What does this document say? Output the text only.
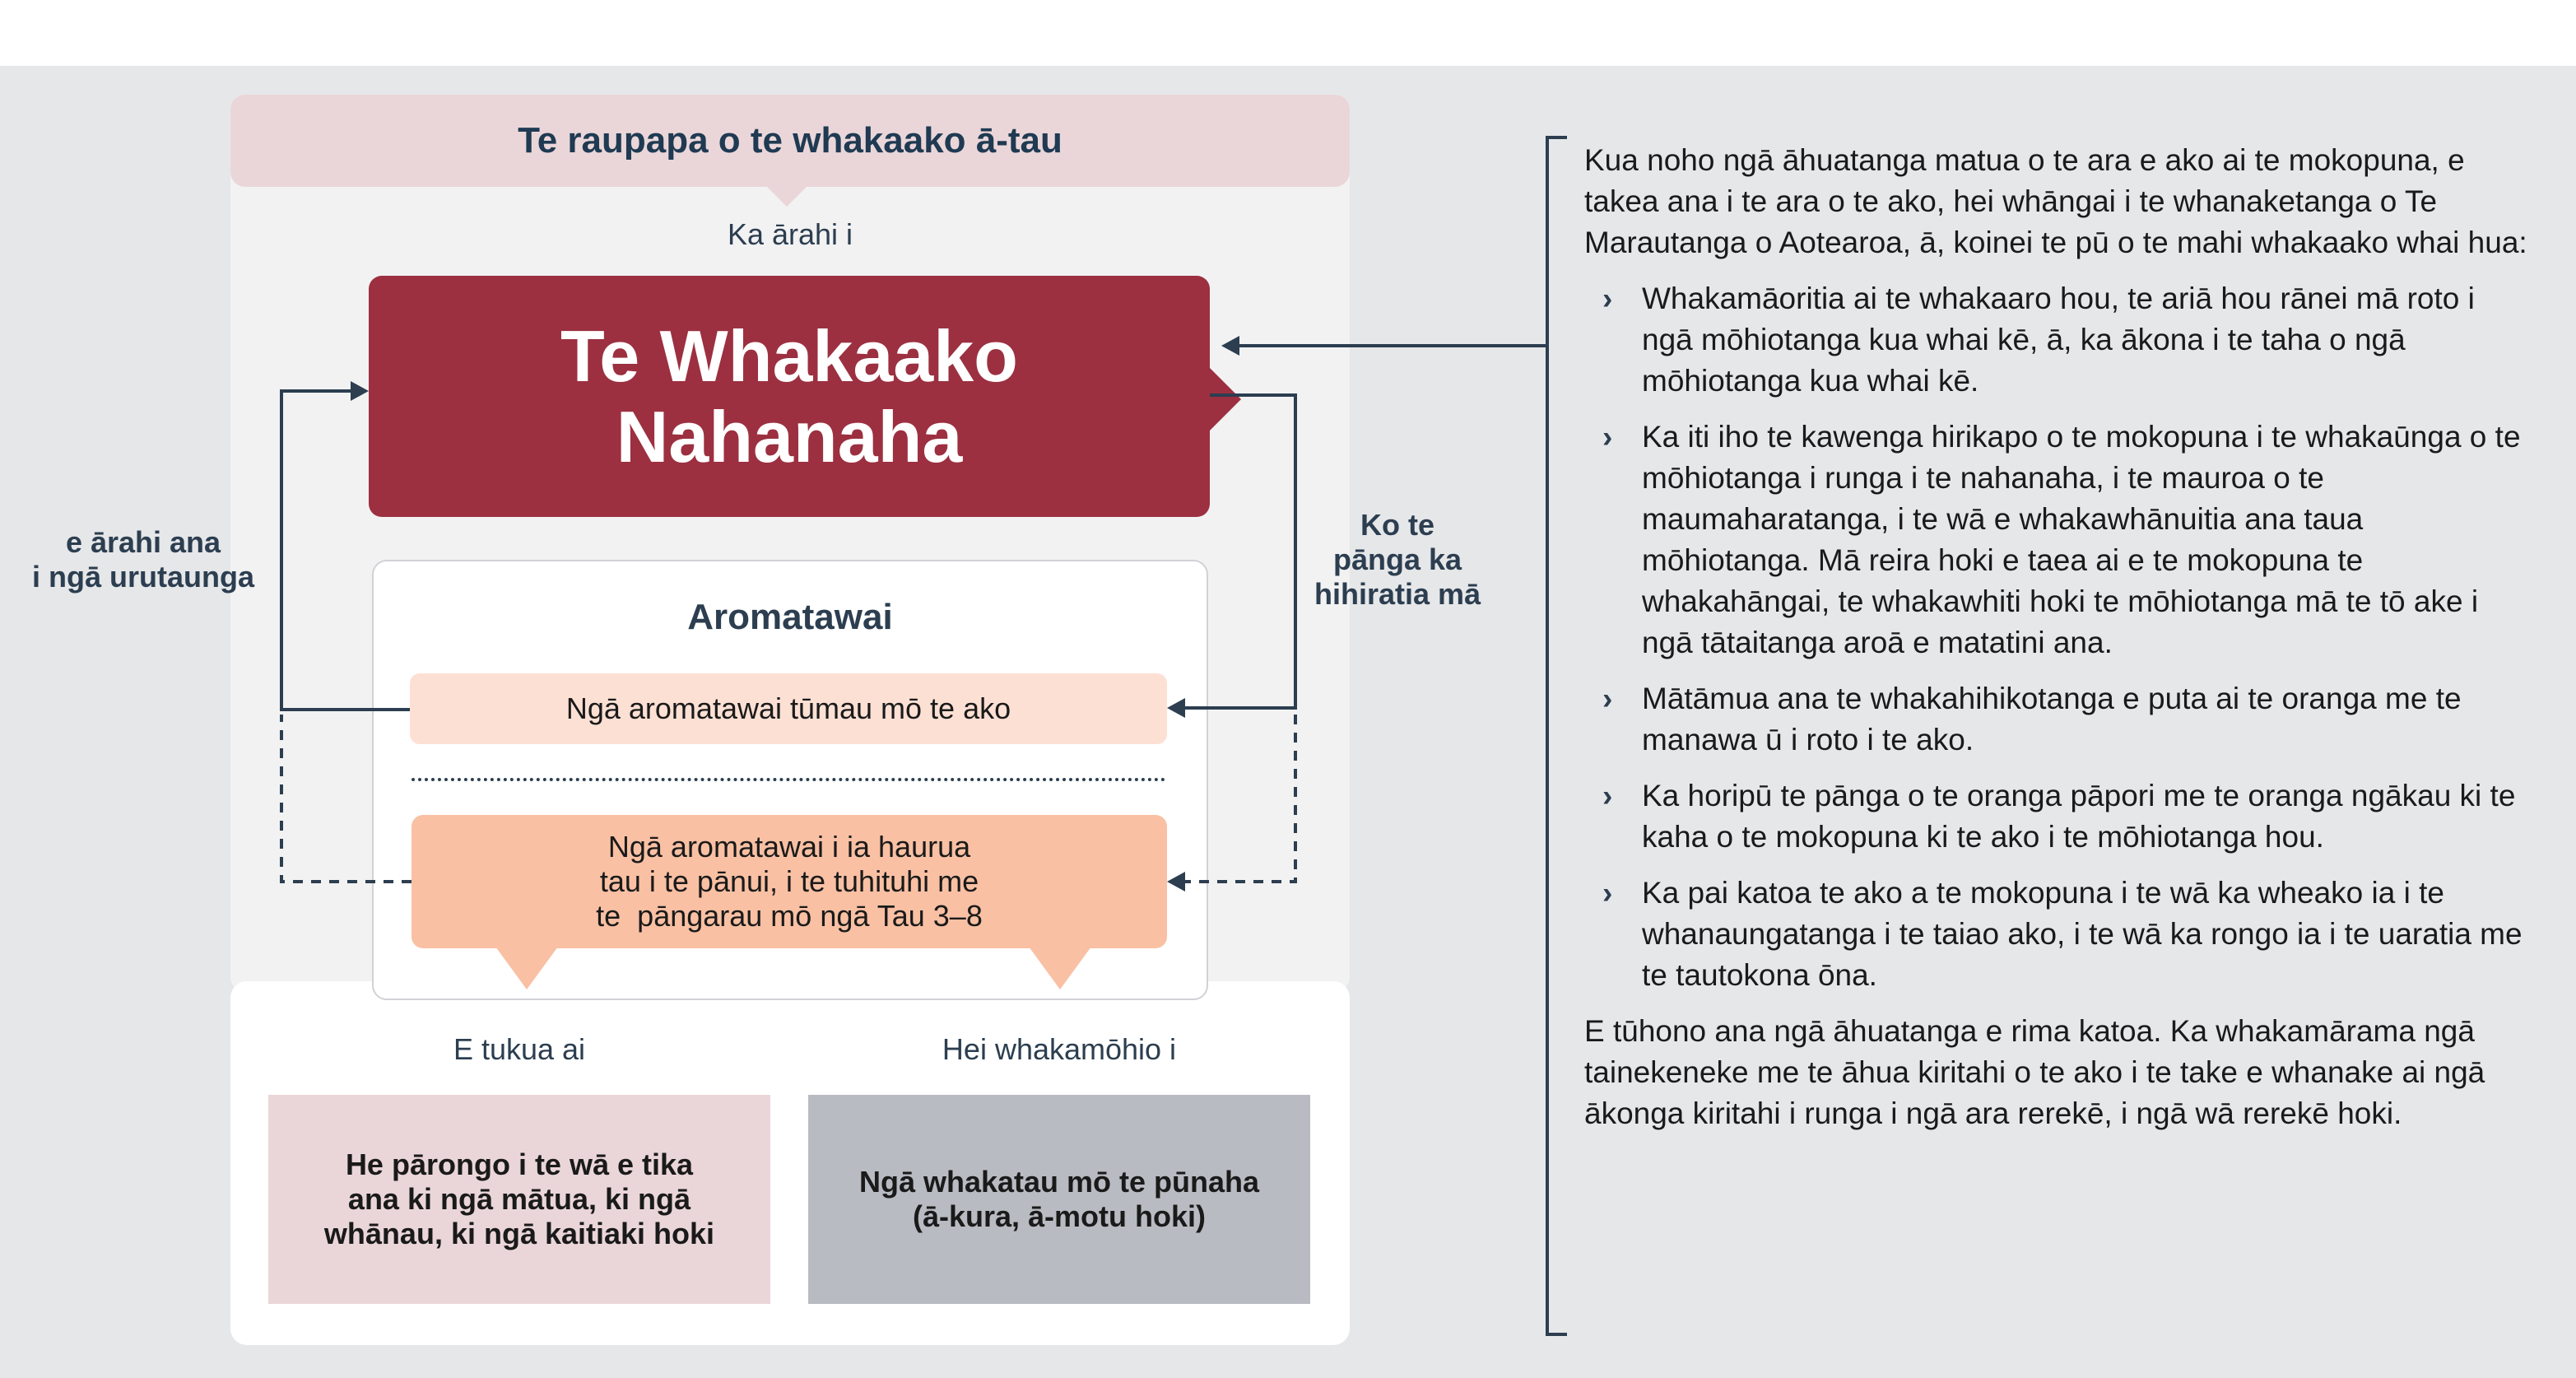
Te raupapa o te whakaako ā-tau
Ka ārahi i
Te Whakaako
Nahanaha
Aromatawai
Ngā aromatawai tūmau mō te ako
Ngā aromatawai i ia haurua
tau i te pānui, i te tuhituhi me
te  pāngarau mō ngā Tau 3–8
E tukua ai	Hei whakamōhio i
He pārongo i te wā e tika
ana ki ngā mātua, ki ngā
whānau, ki ngā kaitiaki hoki
Ngā whakatau mō te pūnaha
(ā-kura, ā-motu hoki)
e ārahi ana
i ngā urutaunga
Ko te
pānga ka
hihiratia mā

Kua noho ngā āhuatanga matua o te ara e ako ai te mokopuna, e takea ana i te ara o te ako, hei whāngai i te whanaketanga o Te Marautanga o Aotearoa, ā, koinei te pū o te mahi whakaako whai hua:

› Whakamāoritia ai te whakaaro hou, te ariā hou rānei mā roto i ngā mōhiotanga kua whai kē, ā, ka ākona i te taha o ngā mōhiotanga kua whai kē.
› Ka iti iho te kawenga hirikapo o te mokopuna i te whakaūnga o te mōhiotanga i runga i te nahanaha, i te mauroa o te maumaharatanga, i te wā e whakawhānuitia ana taua mōhiotanga. Mā reira hoki e taea ai e te mokopuna te whakahāngai, te whakawhiti hoki te mōhiotanga mā te tō ake i ngā tātaitanga aroā e matatini ana.
› Mātāmua ana te whakahihikotanga e puta ai te oranga me te manawa ū i roto i te ako.
› Ka horipū te pānga o te oranga pāpori me te oranga ngākau ki te kaha o te mokopuna ki te ako i te mōhiotanga hou.
› Ka pai katoa te ako a te mokopuna i te wā ka wheako ia i te whanaungatanga i te taiao ako, i te wā ka rongo ia i te uaratia me te tautokona ōna.

E tūhono ana ngā āhuatanga e rima katoa. Ka whakamārama ngā tainekeneke me te āhua kiritahi o te ako i te take e whanake ai ngā ākonga kiritahi i runga i ngā ara rerekē, i ngā wā rerekē hoki.
